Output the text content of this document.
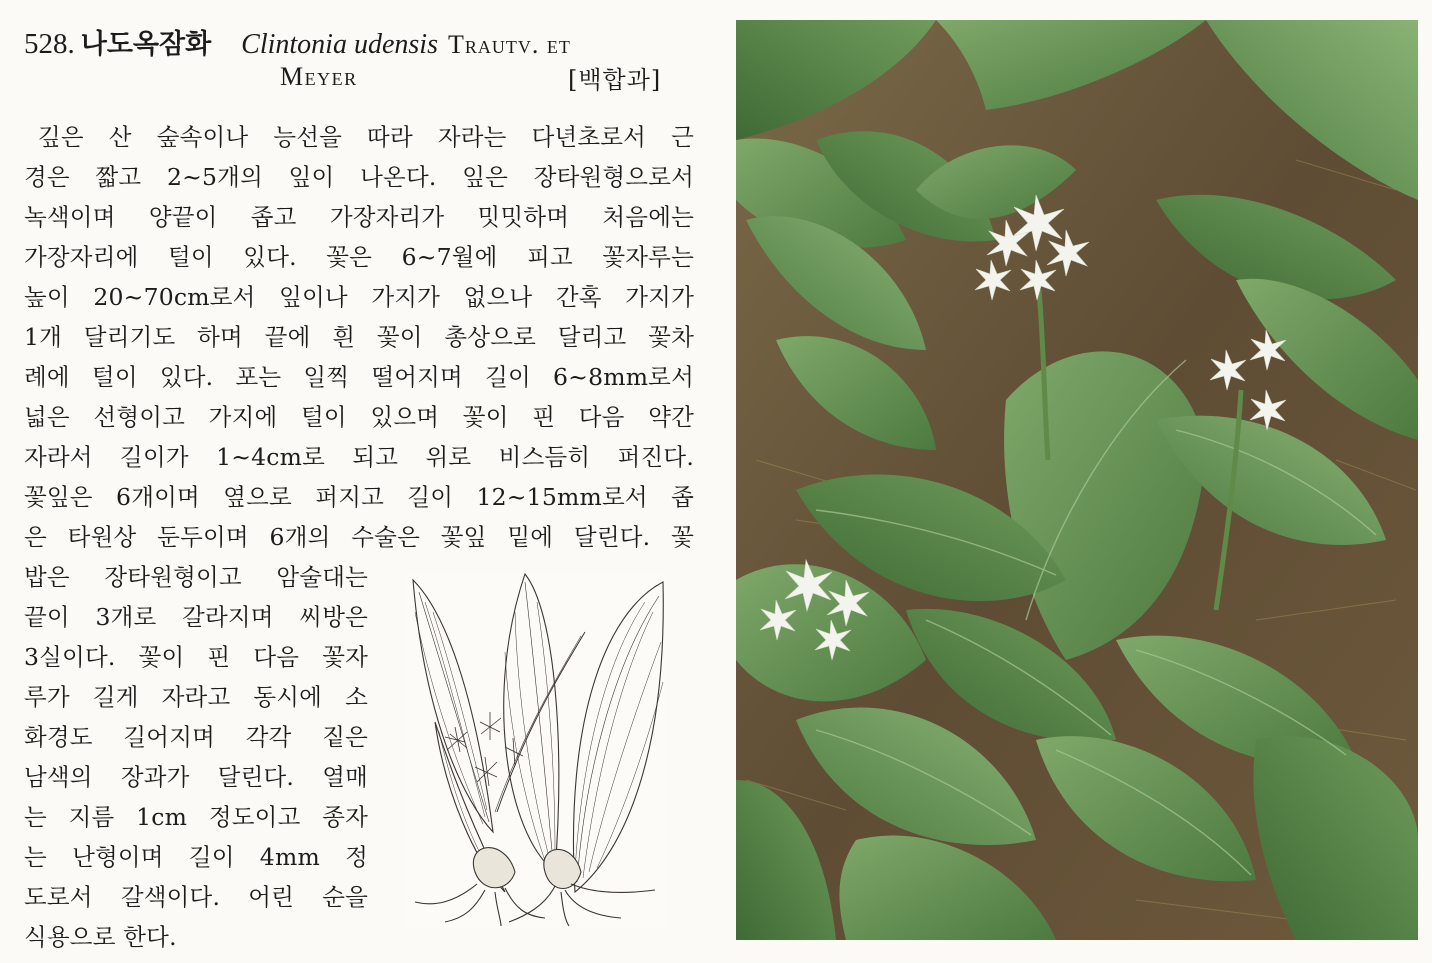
528. 나도옥잠화 Clintonia udensis Trautv. et
Meyer	[백합과]
깊은 산 숲속이나 능선을 따라 자라는 다년초로서 근
경은 짧고 2~5개의 잎이 나온다. 잎은 장타원형으로서
녹색이며 양끝이 좁고 가장자리가 밋밋하며 처음에는
가장자리에 털이 있다. 꽃은 6~7월에 피고 꽃자루는
높이 20~70cm로서 잎이나 가지가 없으나 간혹 가지가
1개 달리기도 하며 끝에 흰 꽃이 총상으로 달리고 꽃차
례에 털이 있다. 포는 일찍 떨어지며 길이 6~8mm로서
넓은 선형이고 가지에 털이 있으며 꽃이 핀 다음 약간
자라서 길이가 1~4cm로 되고 위로 비스듬히 퍼진다.
꽃잎은 6개이며 옆으로 퍼지고 길이 12~15mm로서 좁
은 타원상 둔두이며 6개의 수술은 꽃잎 밑에 달린다. 꽃
밥은 장타원형이고 암술대는
끝이 3개로 갈라지며 씨방은
3실이다. 꽃이 핀 다음 꽃자
루가 길게 자라고 동시에 소
화경도 길어지며 각각 짙은
남색의 장과가 달린다. 열매
는 지름 1cm 정도이고 종자
는 난형이며 길이 4mm 정
도로서 갈색이다. 어린 순을
식용으로 한다.
